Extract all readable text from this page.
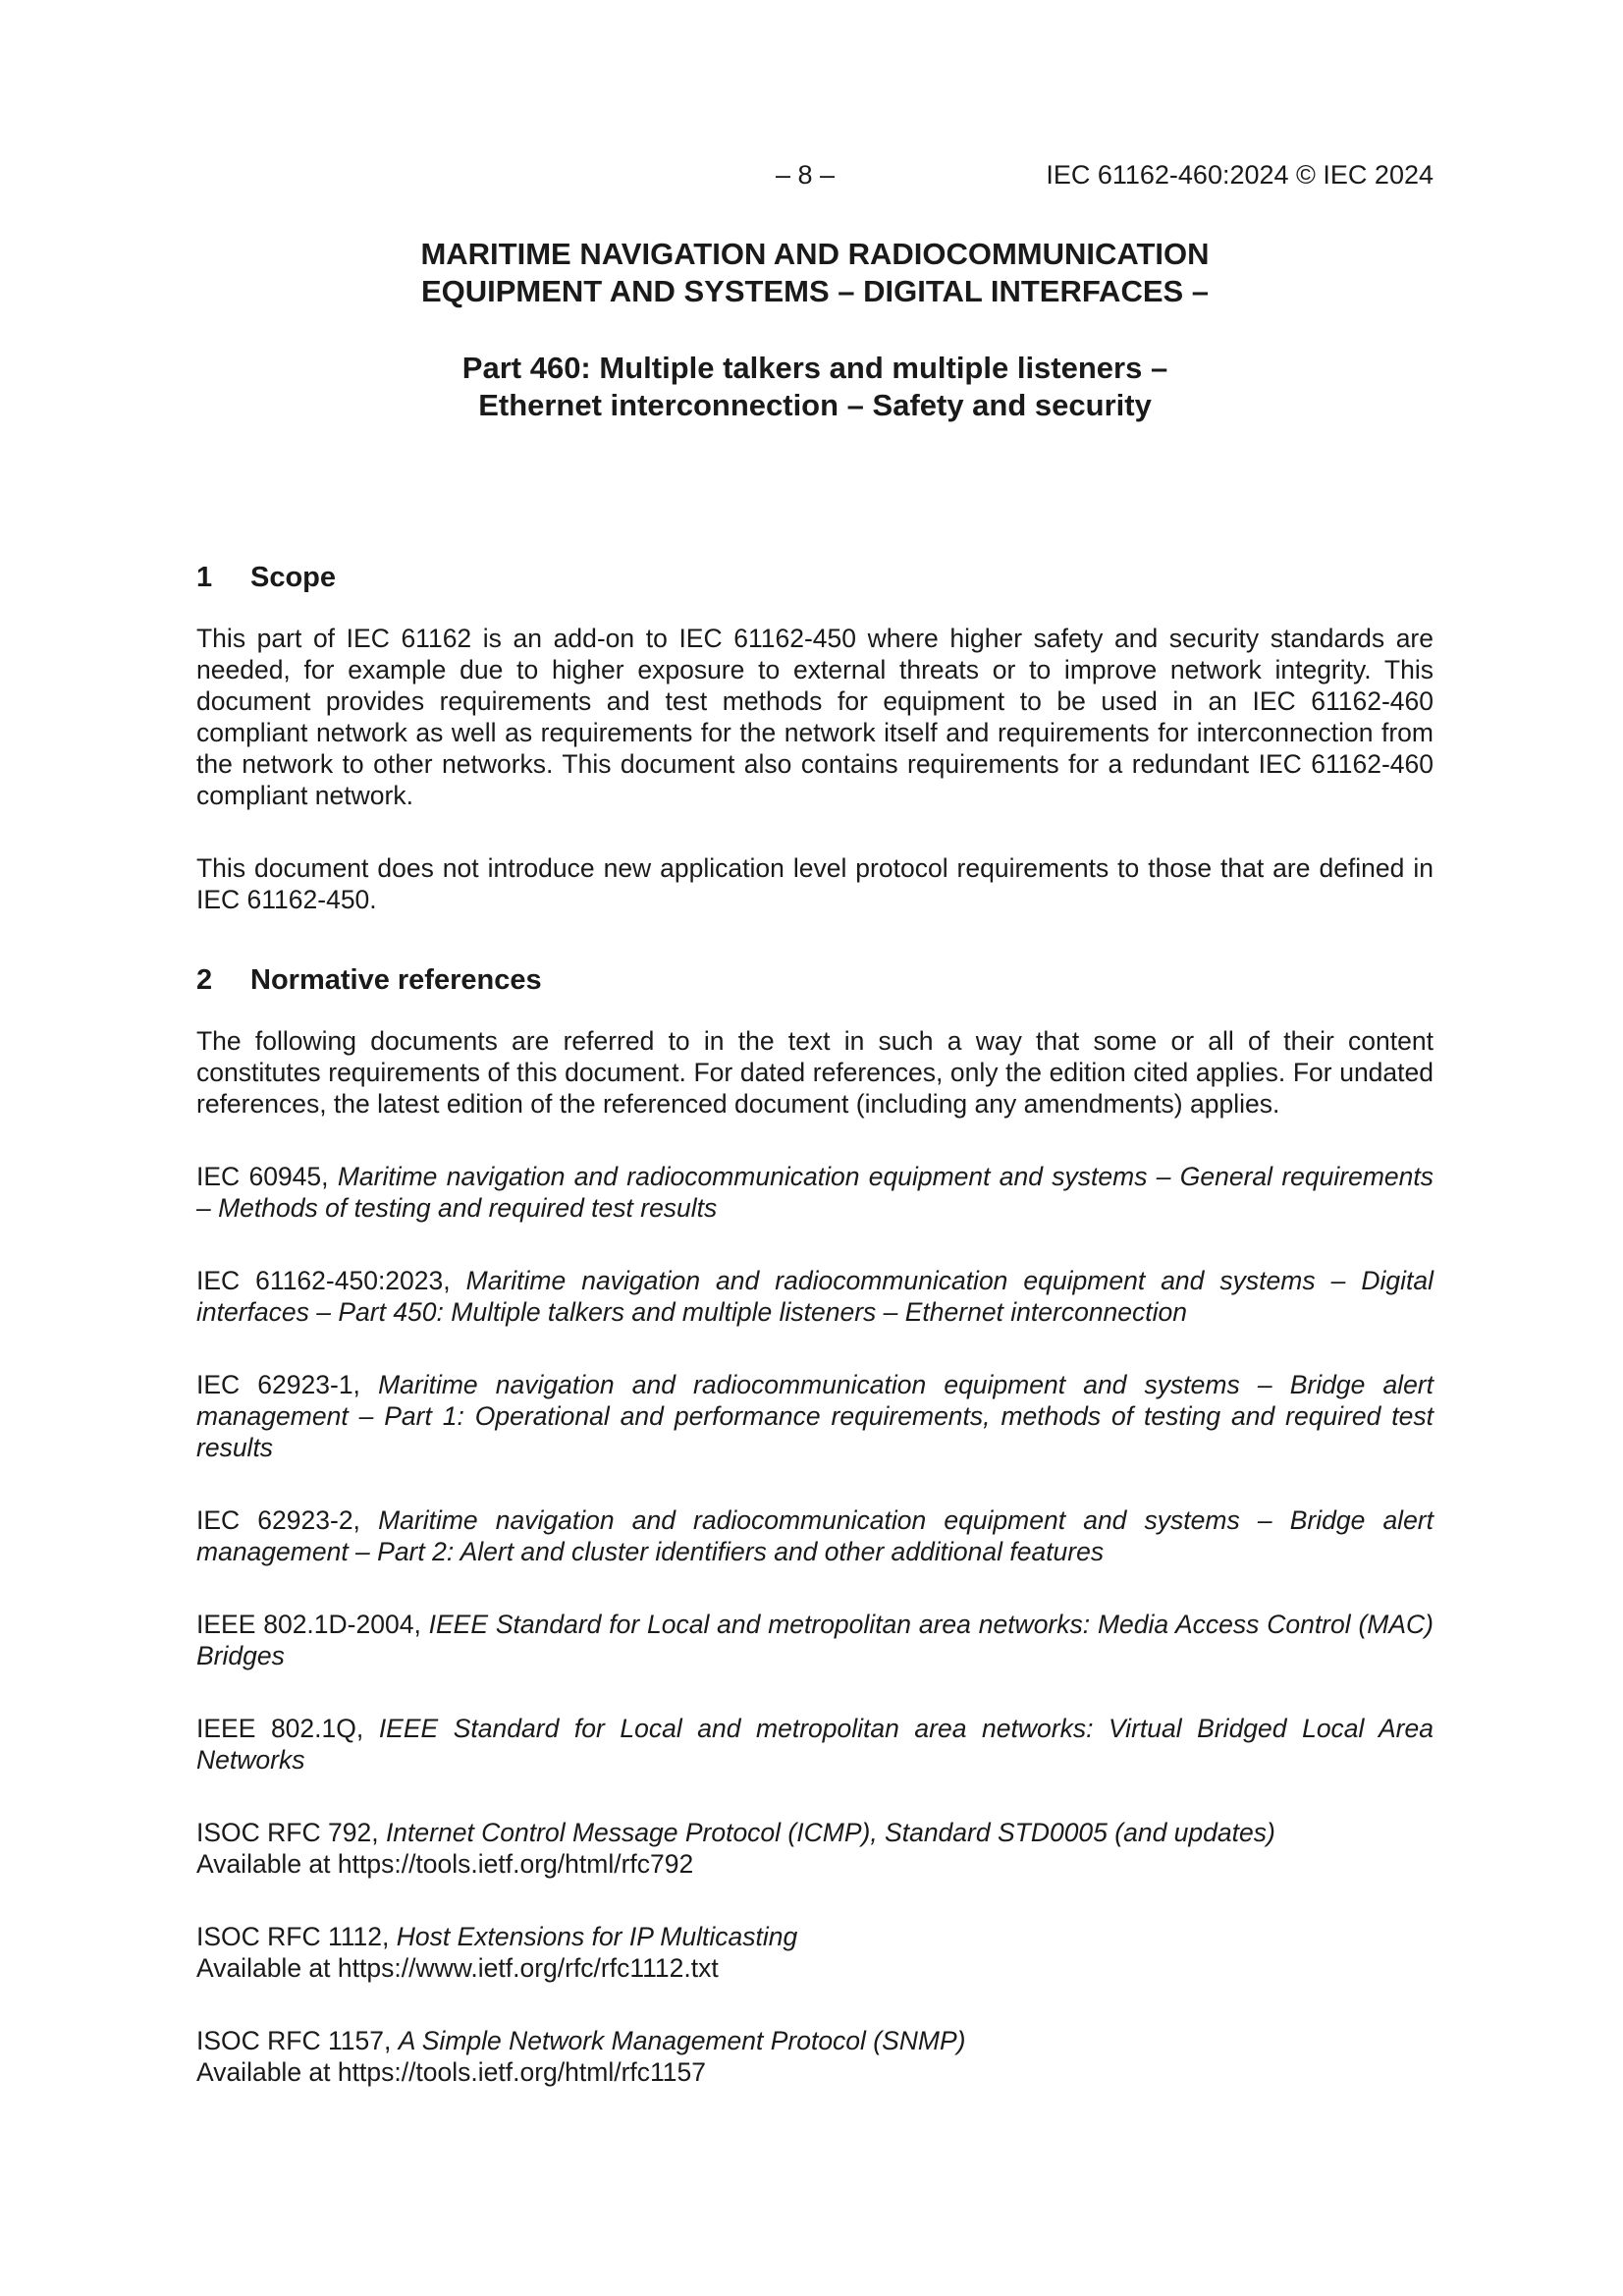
– 8 –	IEC 61162-460:2024 © IEC 2024
MARITIME NAVIGATION AND RADIOCOMMUNICATION
EQUIPMENT AND SYSTEMS – DIGITAL INTERFACES –
Part 460: Multiple talkers and multiple listeners –
Ethernet interconnection – Safety and security
1	Scope

This part of IEC 61162 is an add-on to IEC 61162-450 where higher safety and security standards are needed, for example due to higher exposure to external threats or to improve network integrity. This document provides requirements and test methods for equipment to be used in an IEC 61162-460 compliant network as well as requirements for the network itself and requirements for interconnection from the network to other networks. This document also contains requirements for a redundant IEC 61162-460 compliant network.

This document does not introduce new application level protocol requirements to those that are defined in IEC 61162-450.

2	Normative references

The following documents are referred to in the text in such a way that some or all of their content constitutes requirements of this document. For dated references, only the edition cited applies. For undated references, the latest edition of the referenced document (including any amendments) applies.

IEC 60945, Maritime navigation and radiocommunication equipment and systems – General requirements – Methods of testing and required test results

IEC 61162-450:2023, Maritime navigation and radiocommunication equipment and systems – Digital interfaces – Part 450: Multiple talkers and multiple listeners – Ethernet interconnection

IEC 62923-1, Maritime navigation and radiocommunication equipment and systems – Bridge alert management – Part 1: Operational and performance requirements, methods of testing and required test results

IEC 62923-2, Maritime navigation and radiocommunication equipment and systems – Bridge alert management – Part 2: Alert and cluster identifiers and other additional features

IEEE 802.1D-2004, IEEE Standard for Local and metropolitan area networks: Media Access Control (MAC) Bridges

IEEE 802.1Q, IEEE Standard for Local and metropolitan area networks: Virtual Bridged Local Area Networks

ISOC RFC 792, Internet Control Message Protocol (ICMP), Standard STD0005 (and updates)
Available at https://tools.ietf.org/html/rfc792

ISOC RFC 1112, Host Extensions for IP Multicasting
Available at https://www.ietf.org/rfc/rfc1112.txt

ISOC RFC 1157, A Simple Network Management Protocol (SNMP)
Available at https://tools.ietf.org/html/rfc1157
